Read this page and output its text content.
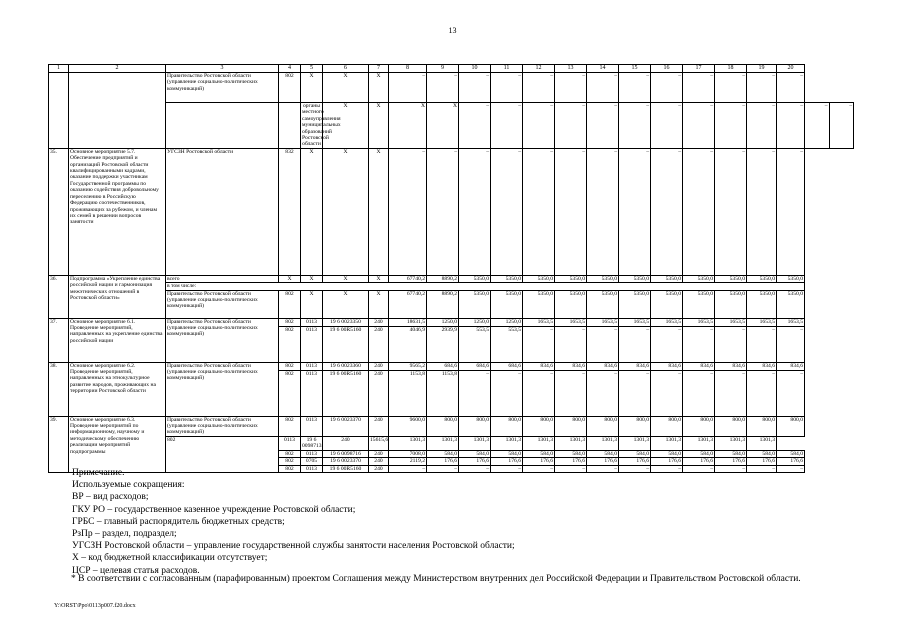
13
1	2	3	4	5	6	7	8	9	10	11	12	13	14	15	16	17	18	19	20		
		Правительство Ростовской области (управление социально-политических коммуникаций)	802	X	X	X	–	–	–	–	–	–	–	–	–	–	–	–	–		
				органы местного самоуправления муниципальных образований Ростовской области	X	X	X	X	–	–	–	–	–	–	–	–	–	–	–	–	–
35.	Основное мероприятие 5.7. Обеспечение предприятий и организаций Ростовской области квалифицированными кадрами, оказание поддержки участникам Государственной программы по оказанию содействия добровольному переселению в Российскую Федерацию соотечественников, проживающих за рубежом, и членам их семей в решении вопросов занятости	УГСЗН Ростовской области	832	X	X	X	–	–	–	–	–	–	–	–	–	–	–	–	–		
36.	Подпрограмма «Укрепление единства российской нации и гармонизация межэтнических отношений в Ростовской области»	всего	X	X	X	X	67740,2	8890,2	5350,0	5350,0	5350,0	5350,0	5350,0	5350,0	5350,0	5350,0	5350,0	5350,0	5350,0		
		в том числе:																			
		Правительство Ростовской области (управление социально-политических коммуникаций)	802	X	X	X	67740,2	8890,2	5350,0	5350,0	5350,0	5350,0	5350,0	5350,0	5350,0	5350,0	5350,0	5350,0	5350,0		
37.	Основное мероприятие 6.1. Проведение мероприятий, направленных на укрепление единства российской нации	Правительство Ростовской области (управление социально-политических коммуникаций)	802	0113	19 6 0023350	240	18631,5	1250,0	1250,0	1250,0	1653,5	1653,5	1653,5	1653,5	1653,5	1653,5	1653,5	1653,5	1653,5		
			802	0113	19 6 00R5160	240	4046,9	2939,9	553,5	553,5	–	–	–	–	–	–	–	–	–		
38.	Основное мероприятие 6.2. Проведение мероприятий, направленных на этнокультурное развитие народов, проживающих на территории Ростовской области	Правительство Ростовской области (управление социально-политических коммуникаций)	802	0113	19 6 0023360	240	9565,2	684,6	684,6	684,6	834,6	834,6	834,6	834,6	834,6	834,6	834,6	834,6	834,6		
			802	0113	19 6 00R5160	240	1153,8	1153,8	–	–	–	–	–	–	–	–	–	–	–		
39.	Основное мероприятие 6.3. Проведение мероприятий по информационному, научному и методическому обеспечению реализации мероприятий подпрограммы	Правительство Ростовской области (управление социально-политических коммуникаций)	802	0113	19 6 0023370	240	9600,0	800,0	800,0	800,0	800,0	800,0	800,0	800,0	800,0	800,0	800,0	800,0	800,0		
		802	0113	19 6 0098713	240	15615,6	1301,3	1301,3	1301,3	1301,3	1301,3	1301,3	1301,3	1301,3	1301,3	1301,3	1301,3	1301,3			
			802	0113	19 6 0098716	240	7008,0	584,0	584,0	584,0	584,0	584,0	584,0	584,0	584,0	584,0	584,0	584,0	584,0		
			802	0705	19 6 0023370	240	2119,2	176,6	176,6	176,6	176,6	176,6	176,6	176,6	176,6	176,6	176,6	176,6	176,6		
			802	0113	19 6 00R5160	240	–	–	–	–	–	–	–	–	–	–	–	–	–		
Примечание.
Используемые сокращения:
ВР – вид расходов;
ГКУ РО – государственное казенное учреждение Ростовской области;
ГРБС – главный распорядитель бюджетных средств;
РзПр – раздел, подраздел;
УГСЗН Ростовской области – управление государственной службы занятости населения Ростовской области;
Х – код бюджетной классификации отсутствует;
ЦСР – целевая статья расходов.
* В соответствии с согласованным (парафированным) проектом Соглашения между Министерством внутренних дел Российской Федерации и Правительством Ростовской области.
Y:\ORST\Ppo\0113p007.f20.docx
